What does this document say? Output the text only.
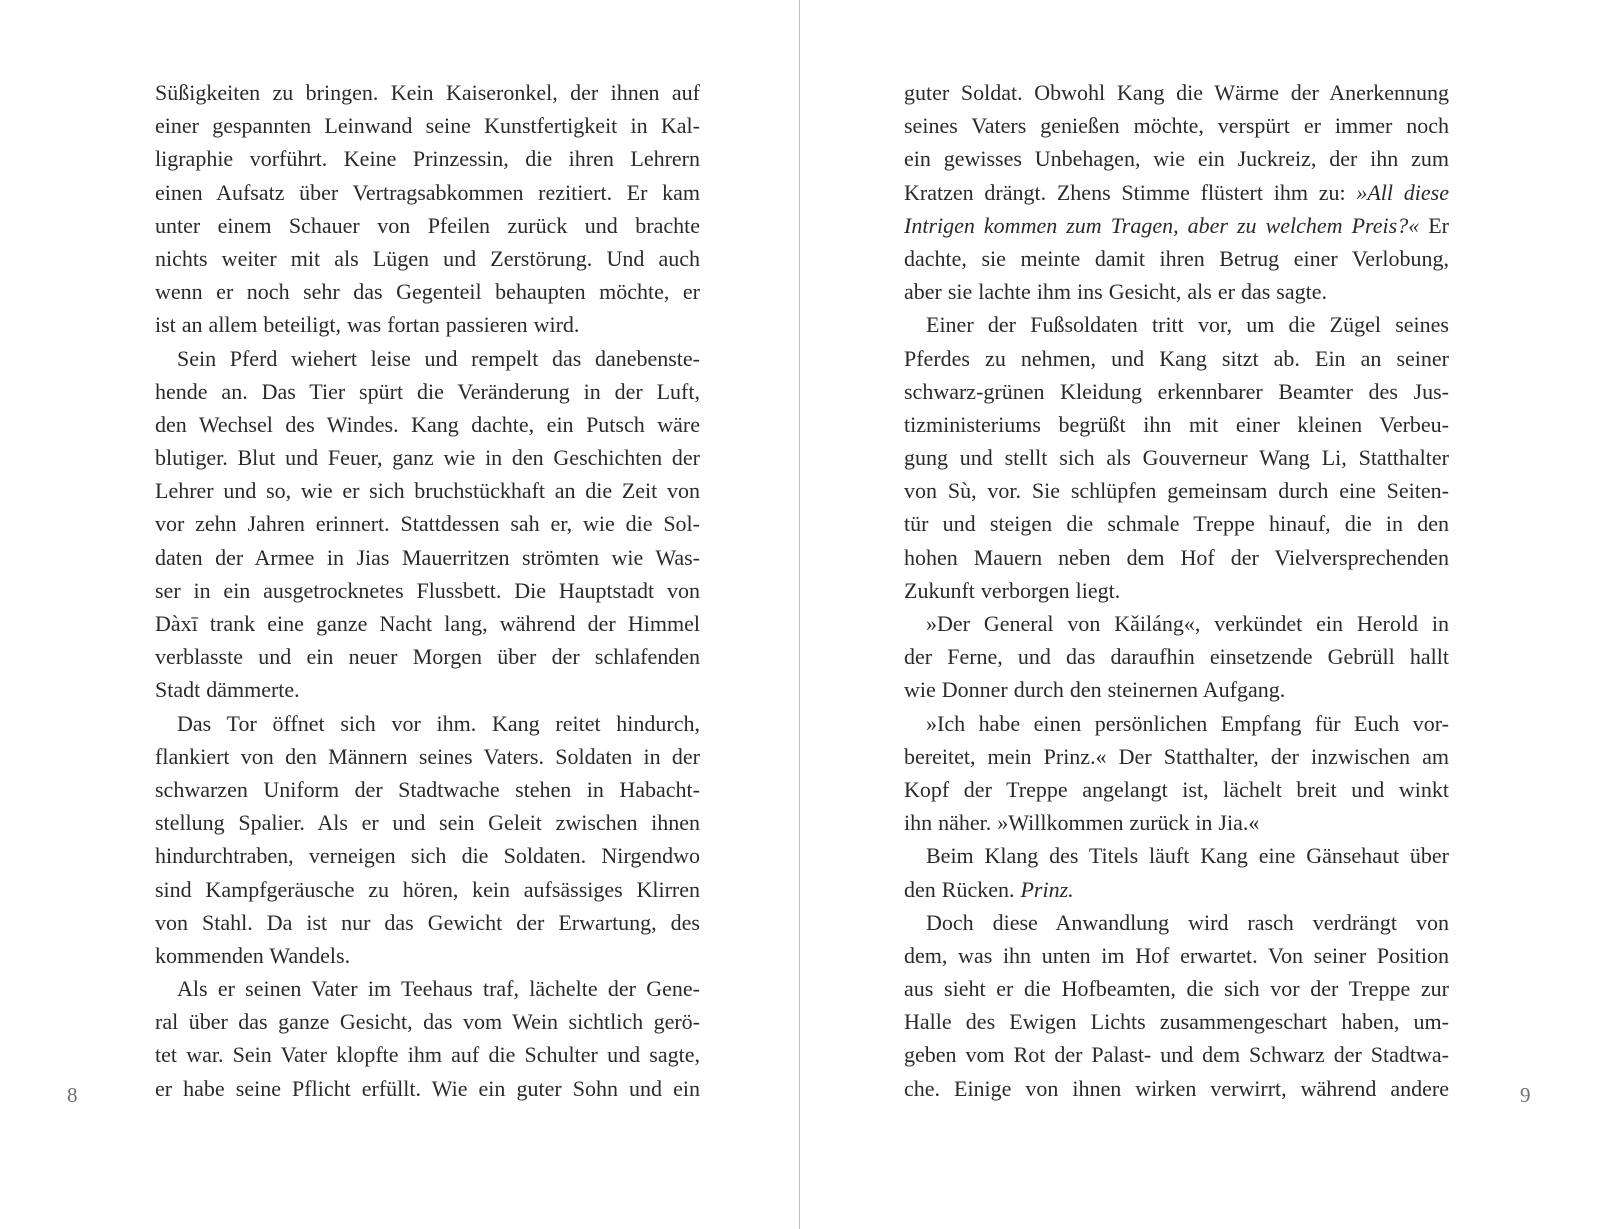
Süßigkeiten zu bringen. Kein Kaiseronkel, der ihnen auf
einer gespannten Leinwand seine Kunstfertigkeit in Kal-
ligraphie vorführt. Keine Prinzessin, die ihren Lehrern
einen Aufsatz über Vertragsabkommen rezitiert. Er kam
unter einem Schauer von Pfeilen zurück und brachte
nichts weiter mit als Lügen und Zerstörung. Und auch
wenn er noch sehr das Gegenteil behaupten möchte, er
ist an allem beteiligt, was fortan passieren wird.
Sein Pferd wiehert leise und rempelt das danebenste-
hende an. Das Tier spürt die Veränderung in der Luft,
den Wechsel des Windes. Kang dachte, ein Putsch wäre
blutiger. Blut und Feuer, ganz wie in den Geschichten der
Lehrer und so, wie er sich bruchstückhaft an die Zeit von
vor zehn Jahren erinnert. Stattdessen sah er, wie die Sol-
daten der Armee in Jias Mauerritzen strömten wie Was-
ser in ein ausgetrocknetes Flussbett. Die Hauptstadt von
Dàxī trank eine ganze Nacht lang, während der Himmel
verblasste und ein neuer Morgen über der schlafenden
Stadt dämmerte.
Das Tor öffnet sich vor ihm. Kang reitet hindurch,
flankiert von den Männern seines Vaters. Soldaten in der
schwarzen Uniform der Stadtwache stehen in Habacht-
stellung Spalier. Als er und sein Geleit zwischen ihnen
hindurchtraben, verneigen sich die Soldaten. Nirgendwo
sind Kampfgeräusche zu hören, kein aufsässiges Klirren
von Stahl. Da ist nur das Gewicht der Erwartung, des
kommenden Wandels.
Als er seinen Vater im Teehaus traf, lächelte der Gene-
ral über das ganze Gesicht, das vom Wein sichtlich gerö-
tet war. Sein Vater klopfte ihm auf die Schulter und sagte,
er habe seine Pflicht erfüllt. Wie ein guter Sohn und ein
8
guter Soldat. Obwohl Kang die Wärme der Anerkennung
seines Vaters genießen möchte, verspürt er immer noch
ein gewisses Unbehagen, wie ein Juckreiz, der ihn zum
Kratzen drängt. Zhens Stimme flüstert ihm zu: »All diese
Intrigen kommen zum Tragen, aber zu welchem Preis?« Er
dachte, sie meinte damit ihren Betrug einer Verlobung,
aber sie lachte ihm ins Gesicht, als er das sagte.
Einer der Fußsoldaten tritt vor, um die Zügel seines
Pferdes zu nehmen, und Kang sitzt ab. Ein an seiner
schwarz-grünen Kleidung erkennbarer Beamter des Jus-
tizministeriums begrüßt ihn mit einer kleinen Verbeu-
gung und stellt sich als Gouverneur Wang Li, Statthalter
von Sù, vor. Sie schlüpfen gemeinsam durch eine Seiten-
tür und steigen die schmale Treppe hinauf, die in den
hohen Mauern neben dem Hof der Vielversprechenden
Zukunft verborgen liegt.
»Der General von Kǎiláng«, verkündet ein Herold in
der Ferne, und das daraufhin einsetzende Gebrüll hallt
wie Donner durch den steinernen Aufgang.
»Ich habe einen persönlichen Empfang für Euch vor-
bereitet, mein Prinz.« Der Statthalter, der inzwischen am
Kopf der Treppe angelangt ist, lächelt breit und winkt
ihn näher. »Willkommen zurück in Jia.«
Beim Klang des Titels läuft Kang eine Gänsehaut über
den Rücken. Prinz.
Doch diese Anwandlung wird rasch verdrängt von
dem, was ihn unten im Hof erwartet. Von seiner Position
aus sieht er die Hofbeamten, die sich vor der Treppe zur
Halle des Ewigen Lichts zusammengeschart haben, um-
geben vom Rot der Palast- und dem Schwarz der Stadtwa-
che. Einige von ihnen wirken verwirrt, während andere	9
